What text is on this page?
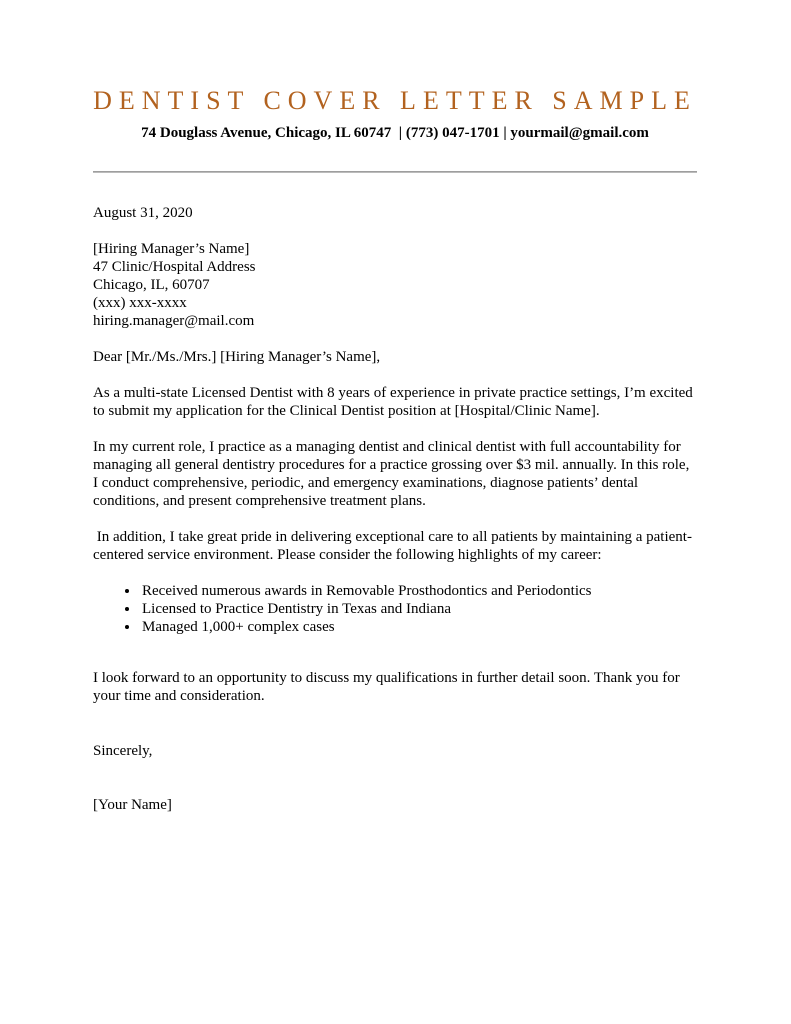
DENTIST COVER LETTER SAMPLE
74 Douglass Avenue, Chicago, IL 60747  | (773) 047-1701 | yourmail@gmail.com

August 31, 2020

[Hiring Manager’s Name]
47 Clinic/Hospital Address
Chicago, IL, 60707
(xxx) xxx-xxxx
hiring.manager@mail.com

Dear [Mr./Ms./Mrs.] [Hiring Manager’s Name],

As a multi-state Licensed Dentist with 8 years of experience in private practice settings, I’m excited to submit my application for the Clinical Dentist position at [Hospital/Clinic Name].

In my current role, I practice as a managing dentist and clinical dentist with full accountability for managing all general dentistry procedures for a practice grossing over $3 mil. annually. In this role, I conduct comprehensive, periodic, and emergency examinations, diagnose patients’ dental conditions, and present comprehensive treatment plans.

In addition, I take great pride in delivering exceptional care to all patients by maintaining a patient-centered service environment. Please consider the following highlights of my career:

• Received numerous awards in Removable Prosthodontics and Periodontics
• Licensed to Practice Dentistry in Texas and Indiana
• Managed 1,000+ complex cases

I look forward to an opportunity to discuss my qualifications in further detail soon. Thank you for your time and consideration.

Sincerely,

[Your Name]
